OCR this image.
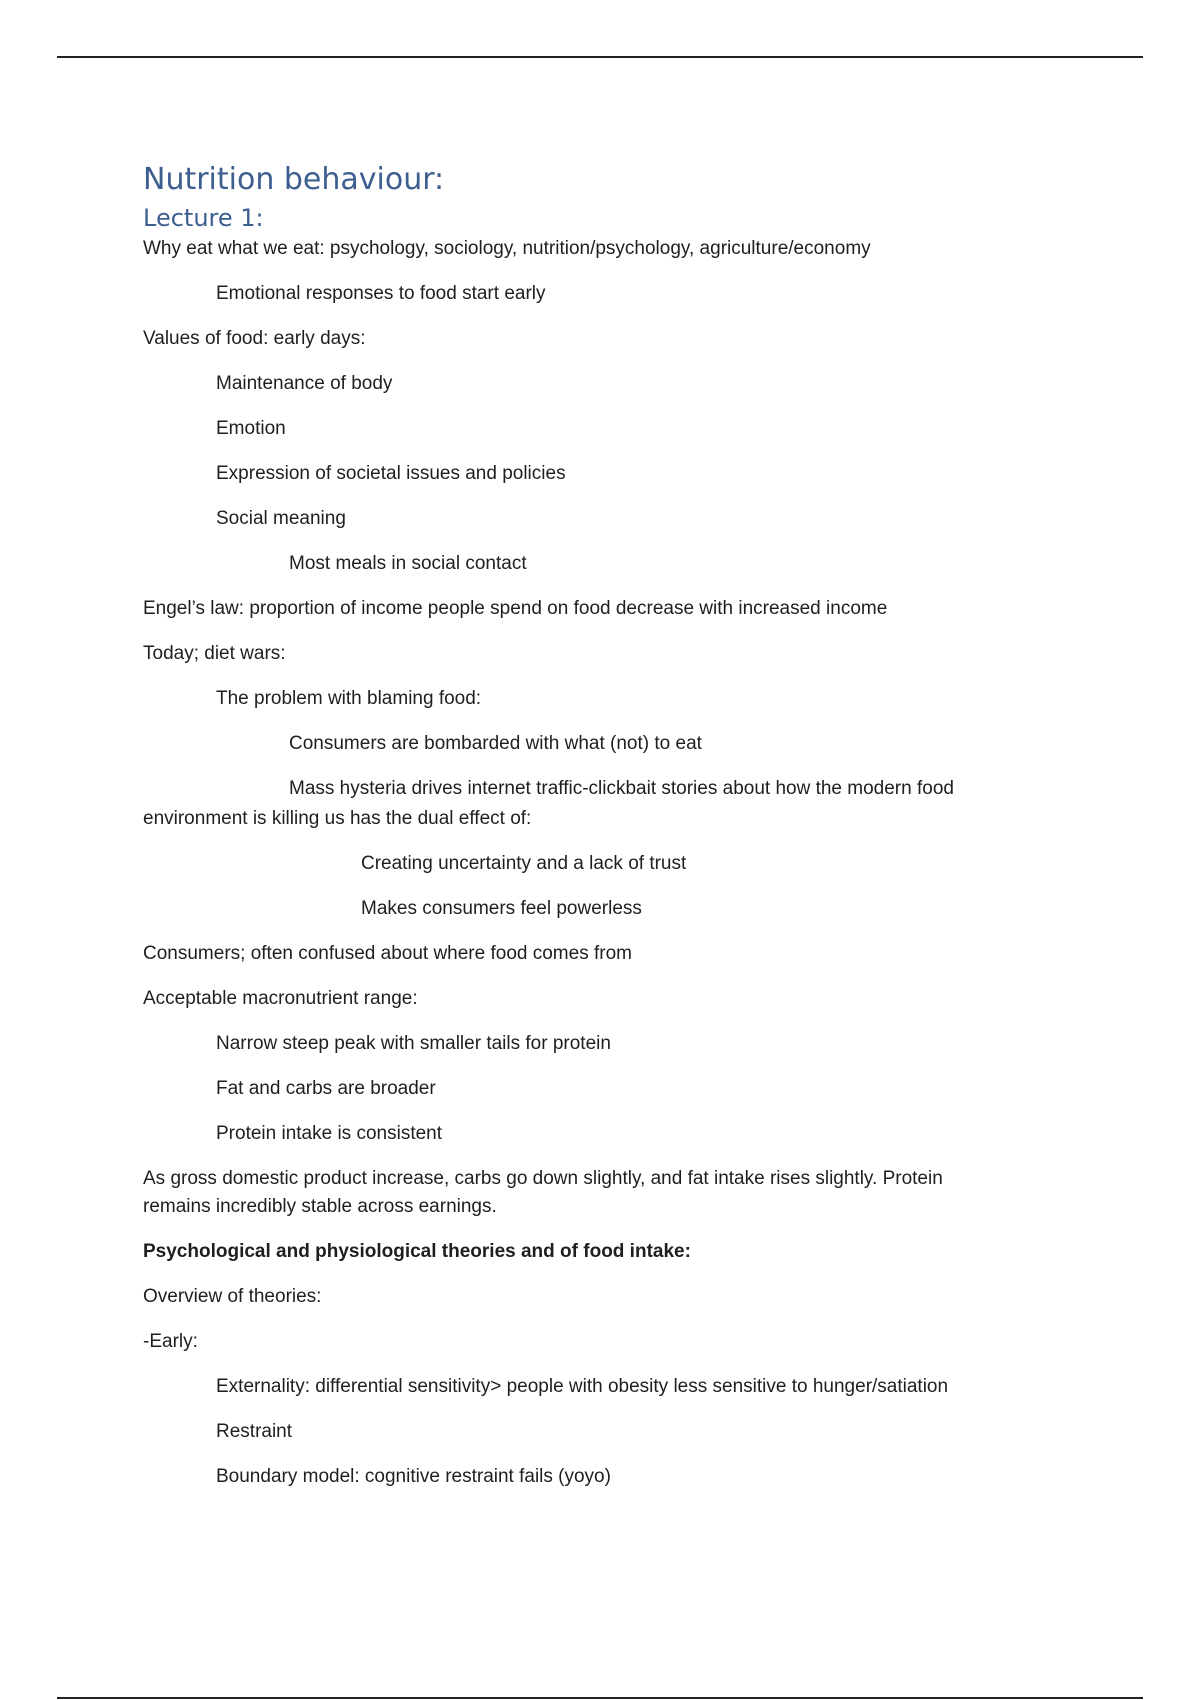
Nutrition behaviour:
Lecture 1:

Why eat what we eat: psychology, sociology, nutrition/psychology, agriculture/economy

Emotional responses to food start early

Values of food: early days:

Maintenance of body

Emotion

Expression of societal issues and policies

Social meaning

Most meals in social contact

Engel’s law: proportion of income people spend on food decrease with increased income

Today; diet wars:

The problem with blaming food:

Consumers are bombarded with what (not) to eat

Mass hysteria drives internet traffic-clickbait stories about how the modern food

environment is killing us has the dual effect of:

Creating uncertainty and a lack of trust

Makes consumers feel powerless

Consumers; often confused about where food comes from

Acceptable macronutrient range:

Narrow steep peak with smaller tails for protein

Fat and carbs are broader

Protein intake is consistent

As gross domestic product increase, carbs go down slightly, and fat intake rises slightly. Protein

remains incredibly stable across earnings.

Psychological and physiological theories and of food intake:

Overview of theories:

-Early:

Externality: differential sensitivity> people with obesity less sensitive to hunger/satiation

Restraint

Boundary model: cognitive restraint fails (yoyo)
